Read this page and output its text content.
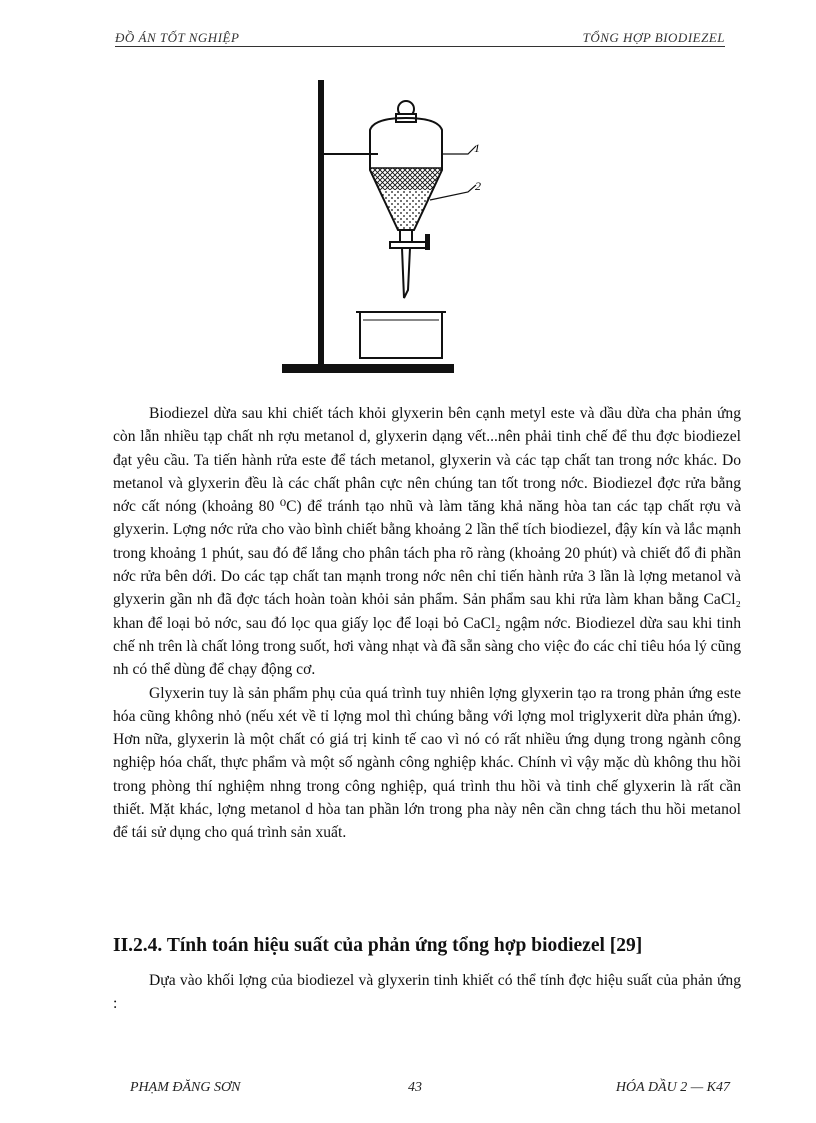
ĐỒ ÁN TỐT NGHIỆP	TỔNG HỢP BIODIEZEL
1
2

Biodiezel dừa sau khi chiết tách khỏi glyxerin bên cạnh metyl este và dầu dừa cha phản ứng còn lẫn nhiều tạp chất nh rợu metanol d, glyxerin dạng vết...nên phải tinh chế để thu đợc biodiezel đạt yêu cầu. Ta tiến hành rửa este để tách metanol, glyxerin và các tạp chất tan trong nớc khác. Do metanol và glyxerin đều là các chất phân cực nên chúng tan tốt trong nớc. Biodiezel đợc rửa bằng nớc cất nóng (khoảng 80 ⁰C) để tránh tạo nhũ và làm tăng khả năng hòa tan các tạp chất rợu và glyxerin. Lợng nớc rửa cho vào bình chiết bằng khoảng 2 lần thể tích biodiezel, đậy kín và lắc mạnh trong khoảng 1 phút, sau đó để lắng cho phân tách pha rõ ràng (khoảng 20 phút) và chiết đổ đi phần nớc rửa bên dới. Do các tạp chất tan mạnh trong nớc nên chỉ tiến hành rửa 3 lần là lợng metanol và glyxerin gần nh đã đợc tách hoàn toàn khỏi sản phẩm. Sản phẩm sau khi rửa làm khan bằng CaCl₂ khan để loại bỏ nớc, sau đó lọc qua giấy lọc để loại bỏ CaCl₂ ngậm nớc. Biodiezel dừa sau khi tinh chế nh trên là chất lỏng trong suốt, hơi vàng nhạt và đã sẵn sàng cho việc đo các chỉ tiêu hóa lý cũng nh có thể dùng để chạy động cơ.

Glyxerin tuy là sản phẩm phụ của quá trình tuy nhiên lợng glyxerin tạo ra trong phản ứng este hóa cũng không nhỏ (nếu xét về tỉ lợng mol thì chúng bằng với lợng mol triglyxerit dừa phản ứng). Hơn nữa, glyxerin là một chất có giá trị kinh tế cao vì nó có rất nhiều ứng dụng trong ngành công nghiệp hóa chất, thực phẩm và một số ngành công nghiệp khác. Chính vì vậy mặc dù không thu hồi trong phòng thí nghiệm nhng trong công nghiệp, quá trình thu hồi và tinh chế glyxerin là rất cần thiết. Mặt khác, lợng metanol d hòa tan phần lớn trong pha này nên cần chng tách thu hồi metanol để tái sử dụng cho quá trình sản xuất.

II.2.4. Tính toán hiệu suất của phản ứng tổng hợp biodiezel [29]

Dựa vào khối lợng của biodiezel và glyxerin tinh khiết có thể tính đợc hiệu suất của phản ứng :

PHẠM ĐĂNG SƠN	43	HÓA DẦU 2 — K47
